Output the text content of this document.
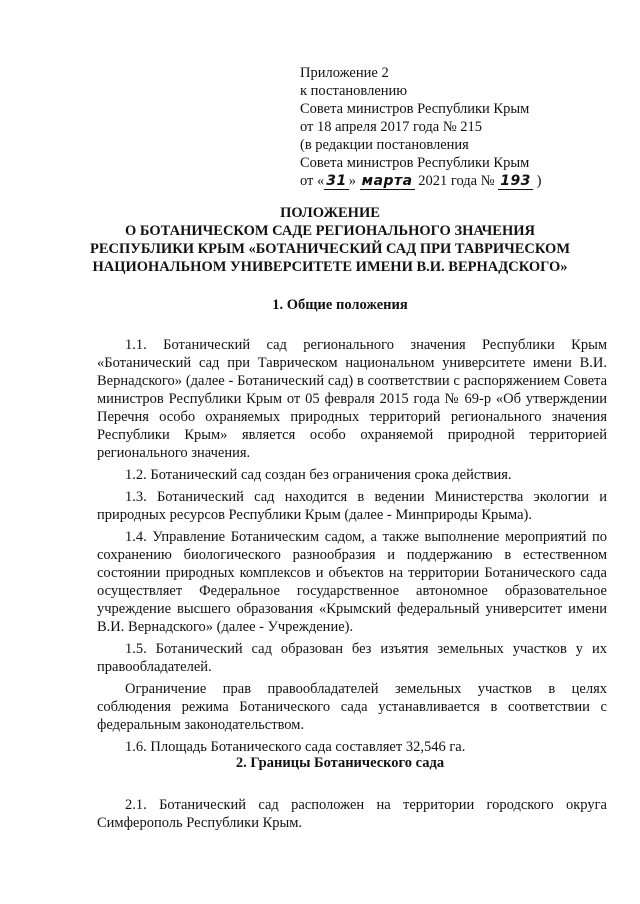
Приложение 2
к постановлению
Совета министров Республики Крым
от 18 апреля 2017 года № 215
(в редакции постановления
Совета министров Республики Крым
от « 31 » марта 2021 года № 193 )
ПОЛОЖЕНИЕ
О БОТАНИЧЕСКОМ САДЕ РЕГИОНАЛЬНОГО ЗНАЧЕНИЯ
РЕСПУБЛИКИ КРЫМ «БОТАНИЧЕСКИЙ САД ПРИ ТАВРИЧЕСКОМ
НАЦИОНАЛЬНОМ УНИВЕРСИТЕТЕ ИМЕНИ В.И. ВЕРНАДСКОГО»
1. Общие положения

1.1. Ботанический сад регионального значения Республики Крым «Ботанический сад при Таврическом национальном университете имени В.И. Вернадского» (далее - Ботанический сад) в соответствии с распоряжением Совета министров Республики Крым от 05 февраля 2015 года № 69-р «Об утверждении Перечня особо охраняемых природных территорий регионального значения Республики Крым» является особо охраняемой природной территорией регионального значения.

1.2. Ботанический сад создан без ограничения срока действия.

1.3. Ботанический сад находится в ведении Министерства экологии и природных ресурсов Республики Крым (далее - Минприроды Крыма).

1.4. Управление Ботаническим садом, а также выполнение мероприятий по сохранению биологического разнообразия и поддержанию в естественном состоянии природных комплексов и объектов на территории Ботанического сада осуществляет Федеральное государственное автономное образовательное учреждение высшего образования «Крымский федеральный университет имени В.И. Вернадского» (далее - Учреждение).

1.5. Ботанический сад образован без изъятия земельных участков у их правообладателей.

Ограничение прав правообладателей земельных участков в целях соблюдения режима Ботанического сада устанавливается в соответствии с федеральным законодательством.

1.6. Площадь Ботанического сада составляет 32,546 га.

2. Границы Ботанического сада

2.1. Ботанический сад расположен на территории городского округа Симферополь Республики Крым.
